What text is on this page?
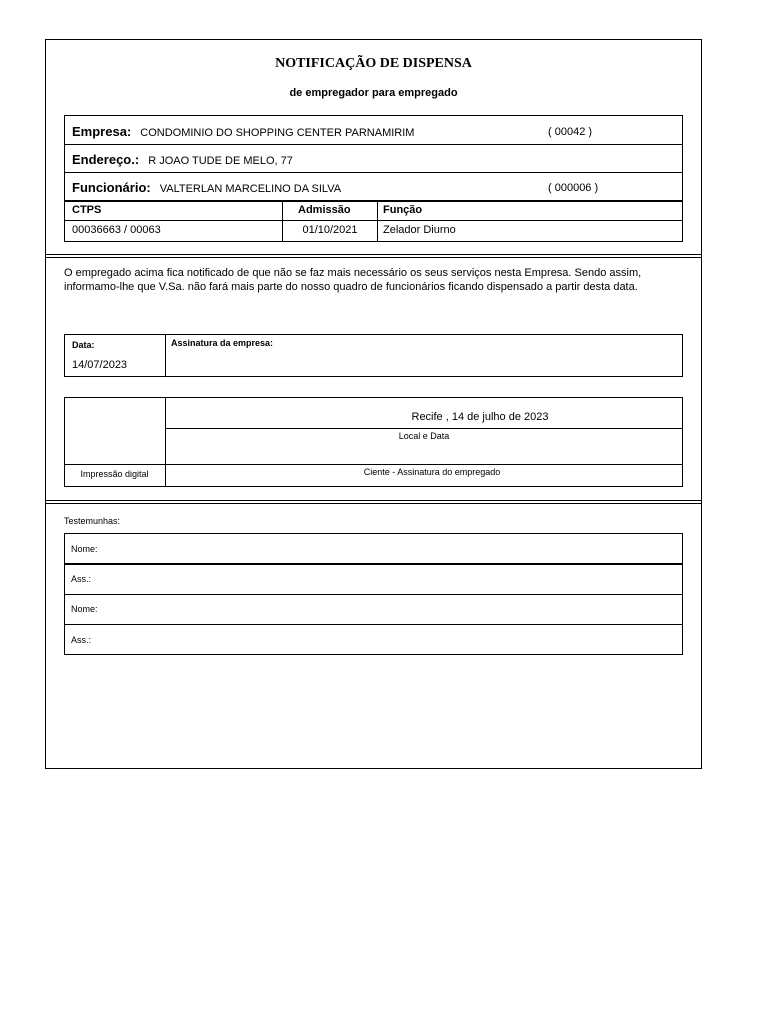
NOTIFICAÇÃO DE DISPENSA
de empregador para empregado
Empresa: CONDOMINIO DO SHOPPING CENTER PARNAMIRIM	( 00042 )
Endereço.: R JOAO TUDE DE MELO, 77
Funcionário: VALTERLAN MARCELINO DA SILVA	( 000006 )
CTPS	Admissão	Função
00036663 / 00063	01/10/2021	Zelador Diurno
O empregado acima fica notificado de que não se faz mais necessário os seus serviços nesta Empresa. Sendo assim, informamo-lhe que V.Sa. não fará mais parte do nosso quadro de funcionários ficando dispensado a partir desta data.
Data:
14/07/2023
Assinatura da empresa:
Recife , 14 de julho de 2023
Local e Data
Impressão digital	Ciente - Assinatura do empregado
Testemunhas:
Nome:
Ass.:
Nome:
Ass.:
